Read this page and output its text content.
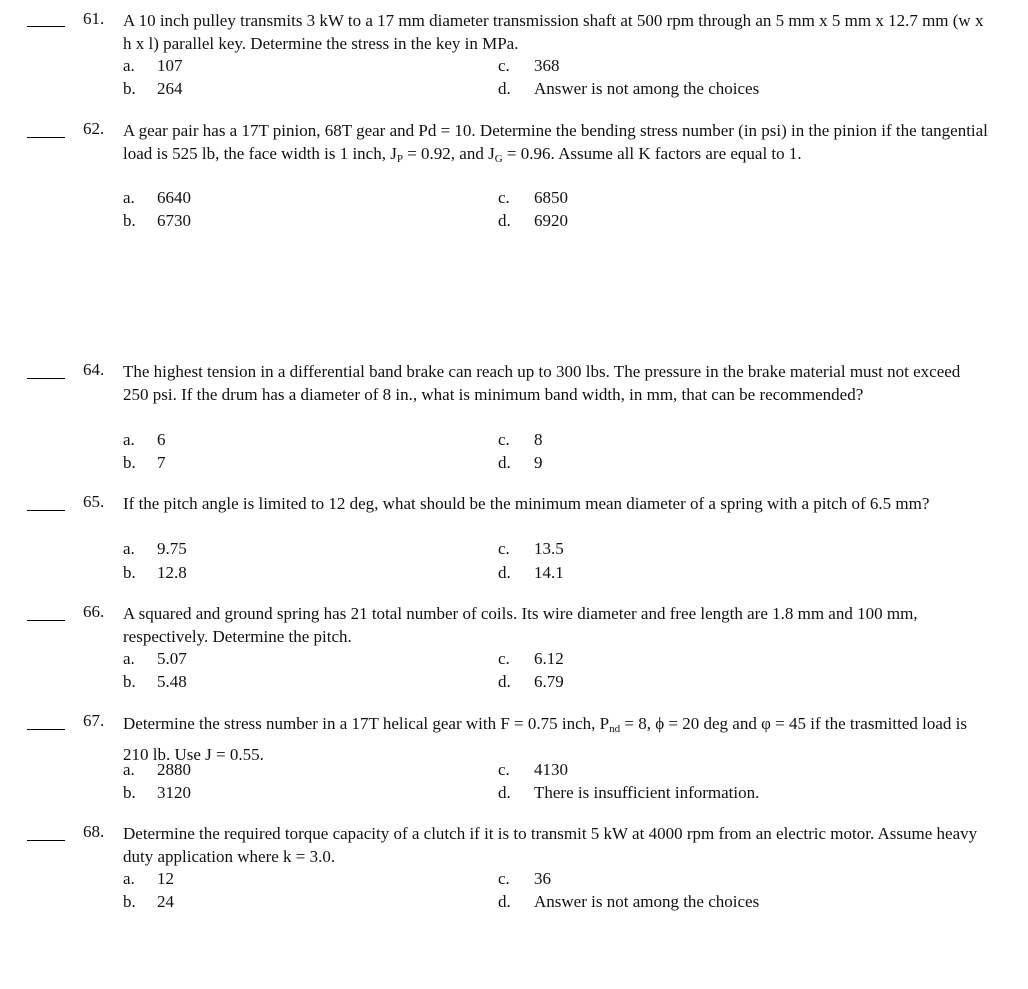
61. A 10 inch pulley transmits 3 kW to a 17 mm diameter transmission shaft at 500 rpm through an 5 mm x 5 mm x 12.7 mm (w x h x l) parallel key. Determine the stress in the key in MPa.
a. 107	c. 368
b. 264	d. Answer is not among the choices
62. A gear pair has a 17T pinion, 68T gear and Pd = 10. Determine the bending stress number (in psi) in the pinion if the tangential load is 525 lb, the face width is 1 inch, $J_P = 0.92$, and $J_G = 0.96$. Assume all K factors are equal to 1.
a. 6640	c. 6850
b. 6730	d. 6920
64. The highest tension in a differential band brake can reach up to 300 lbs. The pressure in the brake material must not exceed 250 psi. If the drum has a diameter of 8 in., what is minimum band width, in mm, that can be recommended?
a. 6	c. 8
b. 7	d. 9
65. If the pitch angle is limited to 12 deg, what should be the minimum mean diameter of a spring with a pitch of 6.5 mm?
a. 9.75	c. 13.5
b. 12.8	d. 14.1
66. A squared and ground spring has 21 total number of coils. Its wire diameter and free length are 1.8 mm and 100 mm, respectively. Determine the pitch.
a. 5.07	c. 6.12
b. 5.48	d. 6.79
67. Determine the stress number in a 17T helical gear with F = 0.75 inch, $P_{nd} = 8$, ϕ = 20 deg and φ = 45 if the trasmitted load is 210 lb. Use J = 0.55.
a. 2880	c. 4130
b. 3120	d. There is insufficient information.
68. Determine the required torque capacity of a clutch if it is to transmit 5 kW at 4000 rpm from an electric motor. Assume heavy duty application where k = 3.0.
a. 12	c. 36
b. 24	d. Answer is not among the choices
